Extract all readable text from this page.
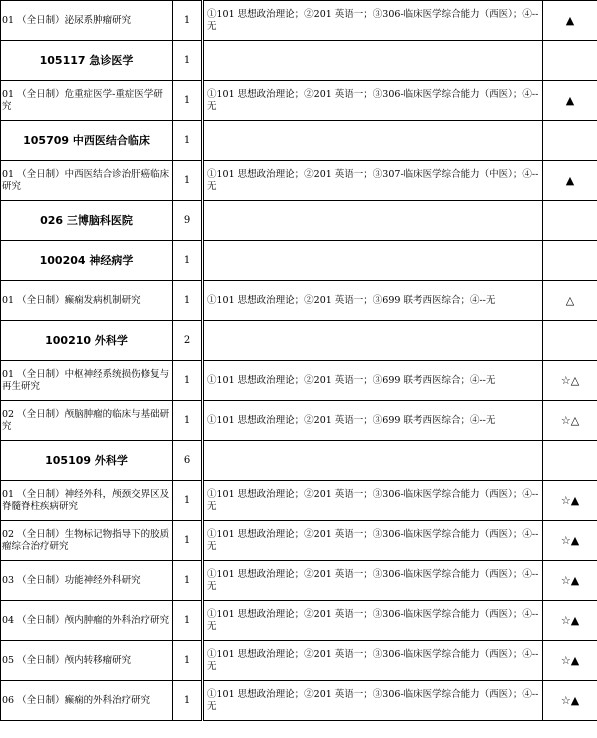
01 （全日制）泌尿系肿瘤研究	1	①101 思想政治理论；②201 英语一；③306-临床医学综合能力（西医）；④--无	▲
105117 急诊医学	1		
01 （全日制）危重症医学-重症医学研究	1	①101 思想政治理论；②201 英语一；③306-临床医学综合能力（西医）；④--无	▲
105709 中西医结合临床	1		
01 （全日制）中西医结合诊治肝癌临床研究	1	①101 思想政治理论；②201 英语一；③307-临床医学综合能力（中医）；④--无	▲
026 三博脑科医院	9		
100204 神经病学	1		
01 （全日制）癫痫发病机制研究	1	①101 思想政治理论；②201 英语一；③699 联考西医综合；④--无	△
100210 外科学	2		
01 （全日制）中枢神经系统损伤修复与再生研究	1	①101 思想政治理论；②201 英语一；③699 联考西医综合；④--无	☆△
02 （全日制）颅脑肿瘤的临床与基础研究	1	①101 思想政治理论；②201 英语一；③699 联考西医综合；④--无	☆△
105109 外科学	6		
01 （全日制）神经外科，颅颈交界区及脊髓脊柱疾病研究	1	①101 思想政治理论；②201 英语一；③306-临床医学综合能力（西医）；④--无	☆▲
02 （全日制）生物标记物指导下的胶质瘤综合治疗研究	1	①101 思想政治理论；②201 英语一；③306-临床医学综合能力（西医）；④--无	☆▲
03 （全日制）功能神经外科研究	1	①101 思想政治理论；②201 英语一；③306-临床医学综合能力（西医）；④--无	☆▲
04 （全日制）颅内肿瘤的外科治疗研究	1	①101 思想政治理论；②201 英语一；③306-临床医学综合能力（西医）；④--无	☆▲
05 （全日制）颅内转移瘤研究	1	①101 思想政治理论；②201 英语一；③306-临床医学综合能力（西医）；④--无	☆▲
06 （全日制）癫痫的外科治疗研究	1	①101 思想政治理论；②201 英语一；③306-临床医学综合能力（西医）；④--无	☆▲
